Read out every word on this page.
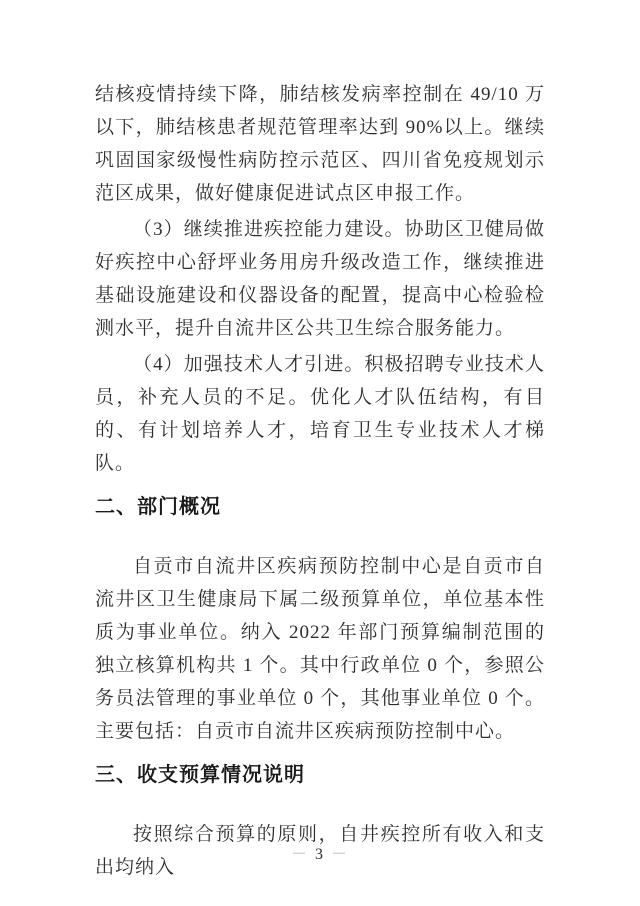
结核疫情持续下降，肺结核发病率控制在 49/10 万以下，肺结核患者规范管理率达到 90%以上。继续巩固国家级慢性病防控示范区、四川省免疫规划示范区成果，做好健康促进试点区申报工作。

（3）继续推进疾控能力建设。协助区卫健局做好疾控中心舒坪业务用房升级改造工作，继续推进基础设施建设和仪器设备的配置，提高中心检验检测水平，提升自流井区公共卫生综合服务能力。

（4）加强技术人才引进。积极招聘专业技术人员，补充人员的不足。优化人才队伍结构，有目的、有计划培养人才，培育卫生专业技术人才梯队。

二、部门概况

自贡市自流井区疾病预防控制中心是自贡市自流井区卫生健康局下属二级预算单位，单位基本性质为事业单位。纳入 2022 年部门预算编制范围的独立核算机构共 1 个。其中行政单位 0 个，参照公务员法管理的事业单位 0 个，其他事业单位 0 个。主要包括：自贡市自流井区疾病预防控制中心。

三、收支预算情况说明

按照综合预算的原则，自井疾控所有收入和支出均纳入

－ 3 －
